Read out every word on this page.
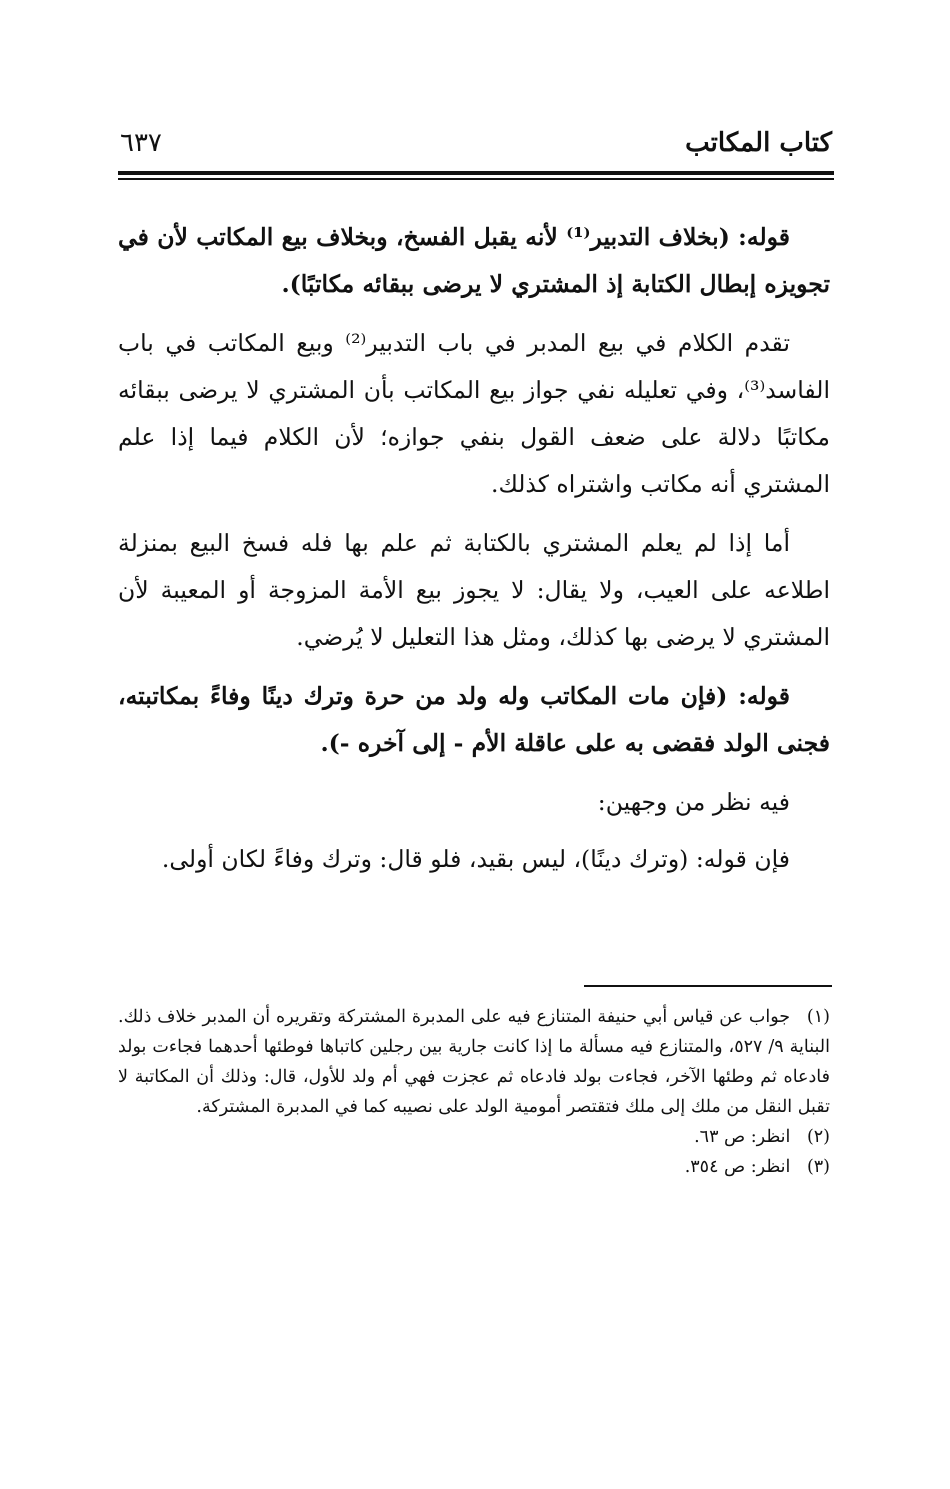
كتاب المكاتب
٦٣٧

قوله: (بخلاف التدبير⁽¹⁾ لأنه يقبل الفسخ، وبخلاف بيع المكاتب لأن في تجويزه إبطال الكتابة إذ المشتري لا يرضى ببقائه مكاتبًا).

تقدم الكلام في بيع المدبر في باب التدبير⁽²⁾ وبيع المكاتب في باب الفاسد⁽³⁾، وفي تعليله نفي جواز بيع المكاتب بأن المشتري لا يرضى ببقائه مكاتبًا دلالة على ضعف القول بنفي جوازه؛ لأن الكلام فيما إذا علم المشتري أنه مكاتب واشتراه كذلك.

أما إذا لم يعلم المشتري بالكتابة ثم علم بها فله فسخ البيع بمنزلة اطلاعه على العيب، ولا يقال: لا يجوز بيع الأمة المزوجة أو المعيبة لأن المشتري لا يرضى بها كذلك، ومثل هذا التعليل لا يُرضي.

قوله: (فإن مات المكاتب وله ولد من حرة وترك دينًا وفاءً بمكاتبته، فجنى الولد فقضى به على عاقلة الأم - إلى آخره -).

فيه نظر من وجهين:

فإن قوله: (وترك دينًا)، ليس بقيد، فلو قال: وترك وفاءً لكان أولى.

(١) جواب عن قياس أبي حنيفة المتنازع فيه على المدبرة المشتركة وتقريره أن المدبر خلاف ذلك. البناية ٩/ ٥٢٧، والمتنازع فيه مسألة ما إذا كانت جارية بين رجلين كاتباها فوطئها أحدهما فجاءت بولد فادعاه ثم وطئها الآخر، فجاءت بولد فادعاه ثم عجزت فهي أم ولد للأول، قال: وذلك أن المكاتبة لا تقبل النقل من ملك إلى ملك فتقتصر أمومية الولد على نصيبه كما في المدبرة المشتركة.

(٢) انظر: ص ٦٣.

(٣) انظر: ص ٣٥٤.
